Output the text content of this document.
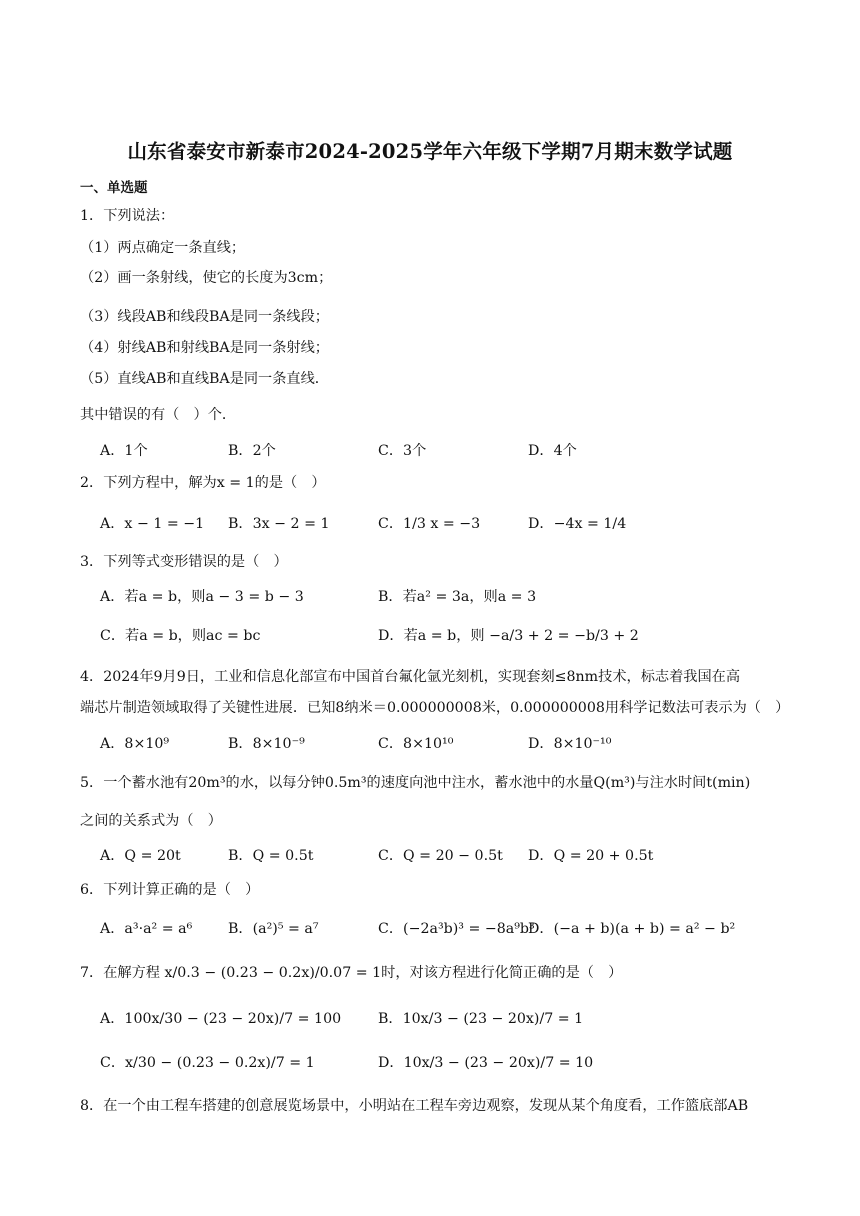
山东省泰安市新泰市2024-2025学年六年级下学期7月期末数学试题
一、单选题
1．下列说法：
（1）两点确定一条直线；
（2）画一条射线，使它的长度为3cm；
（3）线段AB和线段BA是同一条线段；
（4）射线AB和射线BA是同一条射线；
（5）直线AB和直线BA是同一条直线．
其中错误的有（　）个．
A．1个	B．2个	C．3个	D．4个
2．下列方程中，解为x = 1的是（　）
A．x − 1 = −1 B．3x − 2 = 1	C．1/3 x = −3	D．−4x = 1/4
3．下列等式变形错误的是（　）
A．若a = b，则a − 3 = b − 3	B．若a² = 3a，则a = 3
C．若a = b，则ac = bc	D．若a = b，则 −a/3 + 2 = −b/3 + 2
4．2024年9月9日，工业和信息化部宣布中国首台氟化氩光刻机，实现套刻≤8nm技术，标志着我国在高
端芯片制造领域取得了关键性进展．已知8纳米＝0.000000008米，0.000000008用科学记数法可表示为（　）
A．8×10⁹	B．8×10⁻⁹	C．8×10¹⁰	D．8×10⁻¹⁰
5．一个蓄水池有20m³的水，以每分钟0.5m³的速度向池中注水，蓄水池中的水量Q(m³)与注水时间t(min)
之间的关系式为（　）
A．Q = 20t	B．Q = 0.5t	C．Q = 20 − 0.5t D．Q = 20 + 0.5t
6．下列计算正确的是（　）
A．a³·a² = a⁶	B．(a²)⁵ = a⁷	C．(−2a³b)³ = −8a⁹b³
D．(−a + b)(a + b) = a² − b²
7．在解方程 x/0.3 − (0.23 − 0.2x)/0.07 = 1时，对该方程进行化简正确的是（　）
A．100x/30 − (23 − 20x)/7 = 100	B．10x/3 − (23 − 20x)/7 = 1
C．x/30 − (0.23 − 0.2x)/7 = 1	D．10x/3 − (23 − 20x)/7 = 10
8．在一个由工程车搭建的创意展览场景中，小明站在工程车旁边观察，发现从某个角度看，工作篮底部AB
